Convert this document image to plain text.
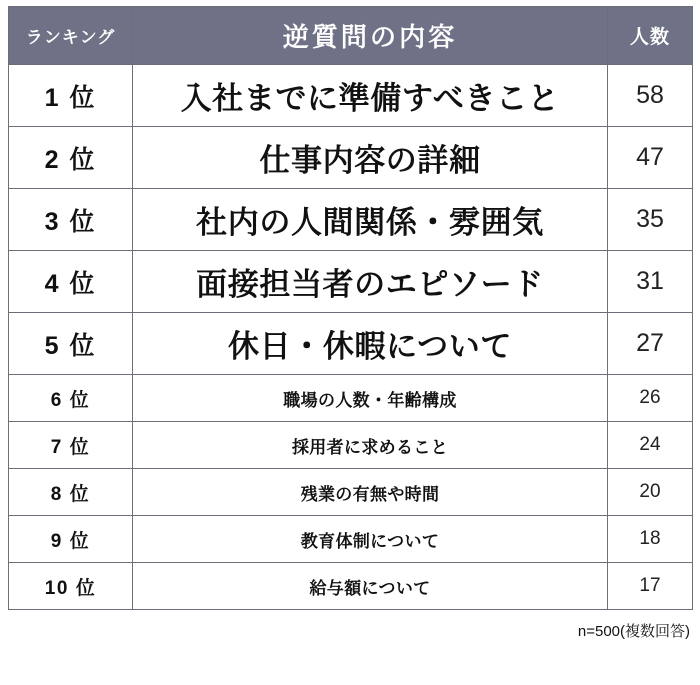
ランキング	逆質問の内容	人数
1 位	入社までに準備すべきこと	58
2 位	仕事内容の詳細	47
3 位	社内の人間関係・雰囲気	35
4 位	面接担当者のエピソード	31
5 位	休日・休暇について	27
6 位	職場の人数・年齢構成	26
7 位	採用者に求めること	24
8 位	残業の有無や時間	20
9 位	教育体制について	18
10 位	給与額について	17
n=500(複数回答)
